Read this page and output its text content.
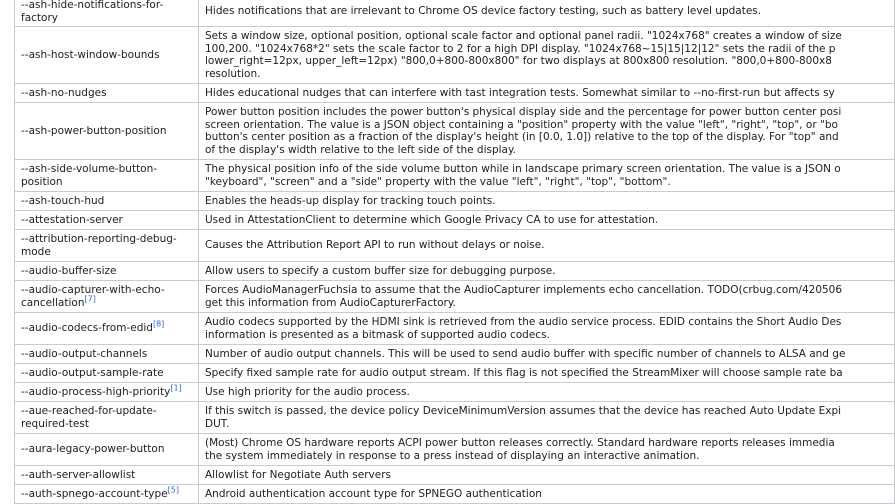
--ash-hide-notifications-for-factory	Hides notifications that are irrelevant to Chrome OS device factory testing, such as battery level updates.

--ash-host-window-bounds	Sets a window size, optional position, optional scale factor and optional panel radii. "1024x768" creates a window of size
100,200. "1024x768*2" sets the scale factor to 2 for a high DPI display. "1024x768~15|15|12|12" sets the radii of the p
lower_right=12px, upper_left=12px) "800,0+800-800x800" for two displays at 800x800 resolution. "800,0+800-800x8
resolution.

--ash-no-nudges	Hides educational nudges that can interfere with tast integration tests. Somewhat similar to --no-first-run but affects sy

--ash-power-button-position	Power button position includes the power button's physical display side and the percentage for power button center posi
screen orientation. The value is a JSON object containing a "position" property with the value "left", "right", "top", or "bo
button's center position as a fraction of the display's height (in [0.0, 1.0]) relative to the top of the display. For "top" and
of the display's width relative to the left side of the display.

--ash-side-volume-button-position	The physical position info of the side volume button while in landscape primary screen orientation. The value is a JSON o
"keyboard", "screen" and a "side" property with the value "left", "right", "top", "bottom".

--ash-touch-hud	Enables the heads-up display for tracking touch points.

--attestation-server	Used in AttestationClient to determine which Google Privacy CA to use for attestation.

--attribution-reporting-debug-mode	Causes the Attribution Report API to run without delays or noise.

--audio-buffer-size	Allow users to specify a custom buffer size for debugging purpose.

--audio-capturer-with-echo-cancellation[7]	Forces AudioManagerFuchsia to assume that the AudioCapturer implements echo cancellation. TODO(crbug.com/420506
get this information from AudioCapturerFactory.

--audio-codecs-from-edid[8]	Audio codecs supported by the HDMI sink is retrieved from the audio service process. EDID contains the Short Audio Des
information is presented as a bitmask of supported audio codecs.

--audio-output-channels	Number of audio output channels. This will be used to send audio buffer with specific number of channels to ALSA and ge

--audio-output-sample-rate	Specify fixed sample rate for audio output stream. If this flag is not specified the StreamMixer will choose sample rate ba

--audio-process-high-priority[1]	Use high priority for the audio process.

--aue-reached-for-update-required-test	If this switch is passed, the device policy DeviceMinimumVersion assumes that the device has reached Auto Update Expi
DUT.

--aura-legacy-power-button	(Most) Chrome OS hardware reports ACPI power button releases correctly. Standard hardware reports releases immedia
the system immediately in response to a press instead of displaying an interactive animation.

--auth-server-allowlist	Allowlist for Negotiate Auth servers

--auth-spnego-account-type[5]	Android authentication account type for SPNEGO authentication
